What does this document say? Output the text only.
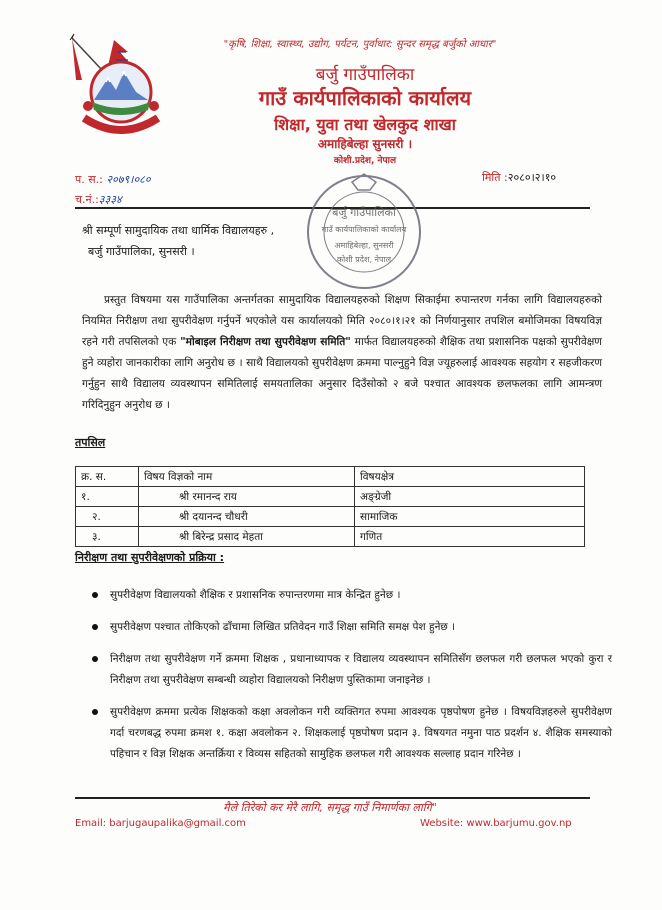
"कृषि, शिक्षा, स्वास्थ्य, उद्योग, पर्यटन, पुर्वाधार: सुन्दर समृद्ध बर्जुको आधार"
बर्जु गाउँपालिका
गाउँ कार्यपालिकाको कार्यालय
शिक्षा, युवा तथा खेलकुद शाखा
अमाहिबेल्हा सुनसरी ।
कोशी.प्रदेश, नेपाल
प. स.: २०७९।०८०
च.नं.:३३३४
मिति :२०८०।२।१०
बर्जु गाउँपालिका
गाउँ कार्यपालिकाको कार्यालय
अमाहिबेल्हा, सुनसरी
कोशी प्रदेश, नेपाल
श्री सम्पूर्ण सामुदायिक तथा धार्मिक विद्यालयहरु ,
बर्जु गाउँपालिका, सुनसरी ।
प्रस्तुत विषयमा यस गाउँपालिका अन्तर्गतका सामुदायिक विद्यालयहरुको शिक्षण सिकाईमा रुपान्तरण गर्नका लागि विद्यालयहरुको नियमित निरीक्षण तथा सुपरीवेक्षण गर्नुपर्ने भएकोले यस कार्यालयको मिति २०८०।१।२१ को निर्णयानुसार तपशिल बमोजिमका विषयविज्ञ रहने गरी तपसिलको एक "मोबाइल निरीक्षण तथा सुपरीवेक्षण समिति" मार्फत विद्यालयहरुको शैक्षिक तथा प्रशासनिक पक्षको सुपरीवेक्षण हुने व्यहोरा जानकारीका लागि अनुरोध छ । साथै विद्यालयको सुपरीवेक्षण क्रममा पाल्नुहुने विज्ञ ज्यूहरुलाई आवश्यक सहयोग र सहजीकरण गर्नुहुन साथै विद्यालय व्यवस्थापन समितिलाई समयतालिका अनुसार दिउँसोको २ बजे पश्चात आवश्यक छलफलका लागि आमन्त्रण गरिदिनुहुन अनुरोध छ ।
तपसिल
क्र. स.	विषय विज्ञको नाम	विषयक्षेत्र
१.	श्री रमानन्द राय	अङ्ग्रेजी
२.	श्री दयानन्द चौधरी	सामाजिक
३.	श्री बिरेन्द्र प्रसाद मेहता	गणित
निरीक्षण तथा सुपरीवेक्षणको प्रक्रिया :
सुपरीवेक्षण विद्यालयको शैक्षिक र प्रशासनिक रुपान्तरणमा मात्र केन्द्रित हुनेछ ।
सुपरीवेक्षण पश्चात तोकिएको ढाँचामा लिखित प्रतिवेदन गाउँ शिक्षा समिति समक्ष पेश हुनेछ ।
निरीक्षण तथा सुपरीवेक्षण गर्ने क्रममा शिक्षक , प्रधानाध्यापक र विद्यालय व्यवस्थापन समितिसँग छलफल गरी छलफल भएको कुरा र निरीक्षण तथा सुपरीवेक्षण सम्बन्धी व्यहोरा विद्यालयको निरीक्षण पुस्तिकामा जनाइनेछ ।
सुपरीवेक्षण क्रममा प्रत्येक शिक्षकको कक्षा अवलोकन गरी व्यक्तिगत रुपमा आवश्यक पृष्ठपोषण हुनेछ । विषयविज्ञहरुले सुपरीवेक्षण गर्दा चरणबद्ध रुपमा क्रमश १. कक्षा अवलोकन २. शिक्षकलाई पृष्ठपोषण प्रदान ३. विषयगत नमुना पाठ प्रदर्शन ४. शैक्षिक समस्याको पहिचान र विज्ञ शिक्षक अन्तर्क्रिया र विव्यस सहितको सामुहिक छलफल गरी आवश्यक सल्लाह प्रदान गरिनेछ ।
मैले तिरेको कर मेरै लागि, समृद्ध गाउँ निमार्णका लागि"
Email: barjugaupalika@gmail.com	Website: www.barjumu.gov.np
